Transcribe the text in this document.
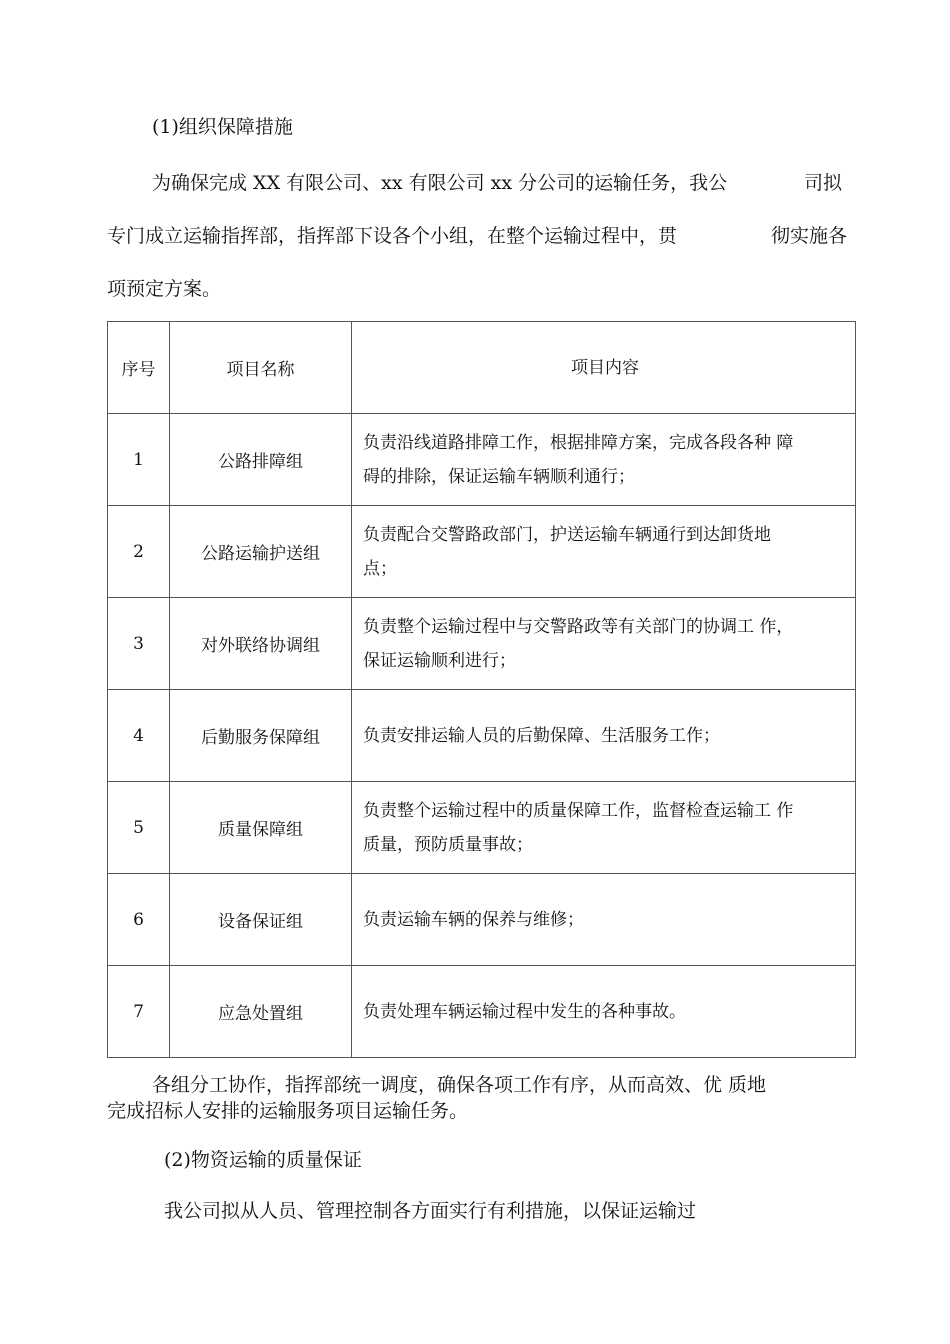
(1)组织保障措施

为确保完成 XX 有限公司、xx 有限公司 xx 分公司的运输任务，我公	司拟

专门成立运输指挥部，指挥部下设各个小组，在整个运输过程中，贯	彻实施各

项预定方案。

序号	项目名称	项目内容
1	公路排障组	负责沿线道路排障工作，根据排障方案，完成各段各种 障
碍的排除，保证运输车辆顺利通行；

2	公路运输护送组	负责配合交警路政部门，护送运输车辆通行到达卸货地
点；

3	对外联络协调组	负责整个运输过程中与交警路政等有关部门的协调工 作，
保证运输顺利进行；

4	后勤服务保障组	负责安排运输人员的后勤保障、生活服务工作；

5	质量保障组	负责整个运输过程中的质量保障工作，监督检查运输工 作
质量，预防质量事故；

6	设备保证组	负责运输车辆的保养与维修；

7	应急处置组	负责处理车辆运输过程中发生的各种事故。

各组分工协作，指挥部统一调度，确保各项工作有序，从而高效、优 质地

完成招标人安排的运输服务项目运输任务。

(2)物资运输的质量保证

我公司拟从人员、管理控制各方面实行有利措施，以保证运输过
